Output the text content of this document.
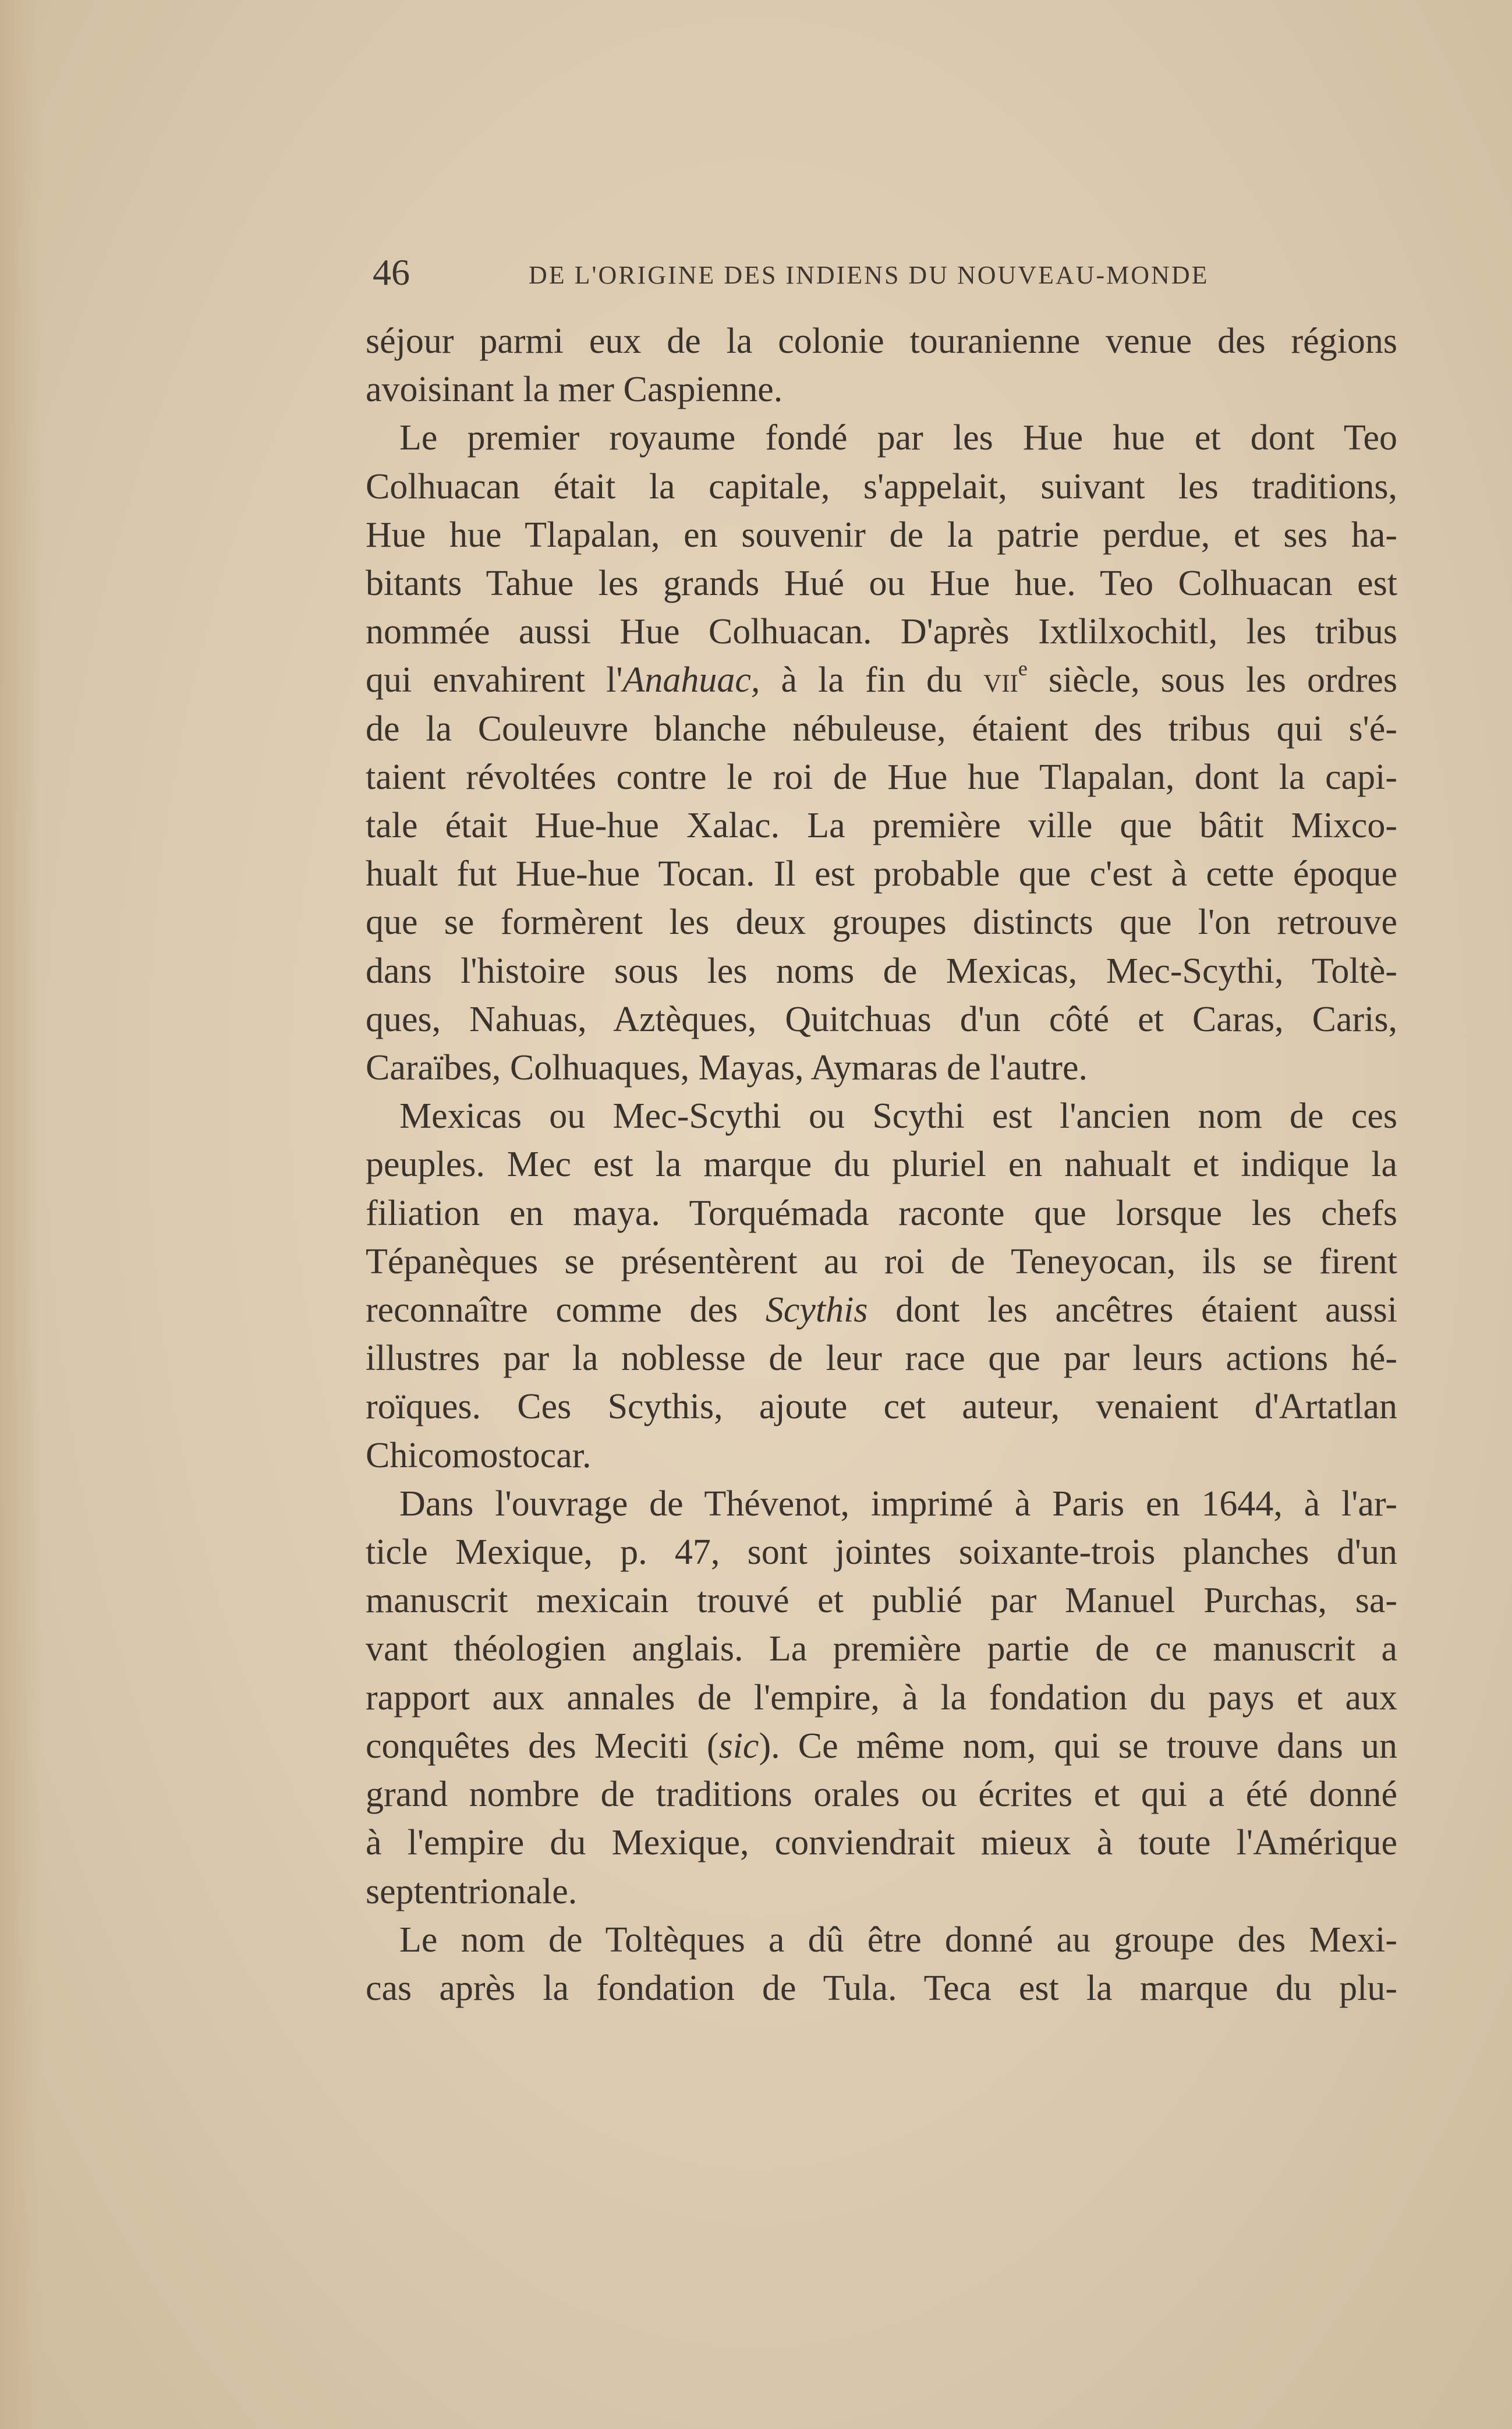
46	DE L'ORIGINE DES INDIENS DU NOUVEAU-MONDE
séjour parmi eux de la colonie touranienne venue des régions
avoisinant la mer Caspienne.
Le premier royaume fondé par les Hue hue et dont Teo
Colhuacan était la capitale, s'appelait, suivant les traditions,
Hue hue Tlapalan, en souvenir de la patrie perdue, et ses ha-
bitants Tahue les grands Hué ou Hue hue. Teo Colhuacan est
nommée aussi Hue Colhuacan. D'après Ixtlilxochitl, les tribus
qui envahirent l'Anahuac, à la fin du vii$^e$ siècle, sous les ordres
de la Couleuvre blanche nébuleuse, étaient des tribus qui s'é-
taient révoltées contre le roi de Hue hue Tlapalan, dont la capi-
tale était Hue-hue Xalac. La première ville que bâtit Mixco-
hualt fut Hue-hue Tocan. Il est probable que c'est à cette époque
que se formèrent les deux groupes distincts que l'on retrouve
dans l'histoire sous les noms de Mexicas, Mec-Scythi, Toltè-
ques, Nahuas, Aztèques, Quitchuas d'un côté et Caras, Caris,
Caraïbes, Colhuaques, Mayas, Aymaras de l'autre.
Mexicas ou Mec-Scythi ou Scythi est l'ancien nom de ces
peuples. Mec est la marque du pluriel en nahualt et indique la
filiation en maya. Torquémada raconte que lorsque les chefs
Tépanèques se présentèrent au roi de Teneyocan, ils se firent
reconnaître comme des Scythis dont les ancêtres étaient aussi
illustres par la noblesse de leur race que par leurs actions hé-
roïques. Ces Scythis, ajoute cet auteur, venaient d'Artatlan
Chicomostocar.
Dans l'ouvrage de Thévenot, imprimé à Paris en 1644, à l'ar-
ticle Mexique, p. 47, sont jointes soixante-trois planches d'un
manuscrit mexicain trouvé et publié par Manuel Purchas, sa-
vant théologien anglais. La première partie de ce manuscrit a
rapport aux annales de l'empire, à la fondation du pays et aux
conquêtes des Meciti (sic). Ce même nom, qui se trouve dans un
grand nombre de traditions orales ou écrites et qui a été donné
à l'empire du Mexique, conviendrait mieux à toute l'Amérique
septentrionale.
Le nom de Toltèques a dû être donné au groupe des Mexi-
cas après la fondation de Tula. Teca est la marque du plu-
